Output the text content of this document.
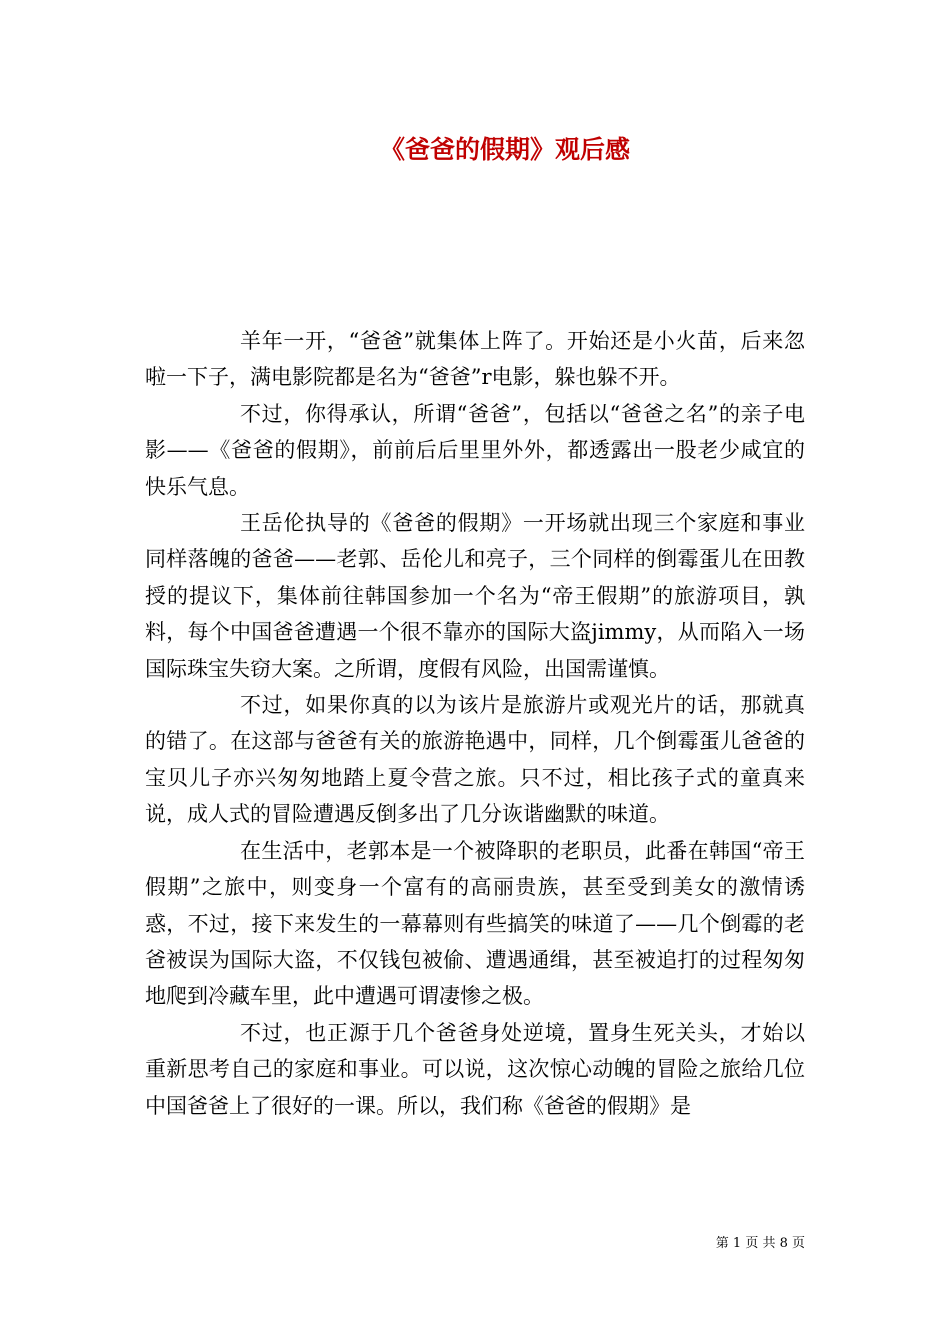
《爸爸的假期》观后感

羊年一开，“爸爸”就集体上阵了。开始还是小火苗，后来忽啦一下子，满电影院都是名为“爸爸”r电影，躲也躲不开。

不过，你得承认，所谓“爸爸”，包括以“爸爸之名”的亲子电影——《爸爸的假期》，前前后后里里外外，都透露出一股老少咸宜的快乐气息。

王岳伦执导的《爸爸的假期》一开场就出现三个家庭和事业同样落魄的爸爸——老郭、岳伦儿和亮子，三个同样的倒霉蛋儿在田教授的提议下，集体前往韩国参加一个名为“帝王假期”的旅游项目，孰料，每个中国爸爸遭遇一个很不靠亦的国际大盗jimmy，从而陷入一场国际珠宝失窃大案。之所谓，度假有风险，出国需谨慎。

不过，如果你真的以为该片是旅游片或观光片的话，那就真的错了。在这部与爸爸有关的旅游艳遇中，同样，几个倒霉蛋儿爸爸的宝贝儿子亦兴匆匆地踏上夏令营之旅。只不过，相比孩子式的童真来说，成人式的冒险遭遇反倒多出了几分诙谐幽默的味道。

在生活中，老郭本是一个被降职的老职员，此番在韩国“帝王假期”之旅中，则变身一个富有的高丽贵族，甚至受到美女的激情诱惑，不过，接下来发生的一幕幕则有些搞笑的味道了——几个倒霉的老爸被误为国际大盗，不仅钱包被偷、遭遇通缉，甚至被追打的过程匆匆地爬到冷藏车里，此中遭遇可谓凄惨之极。

不过，也正源于几个爸爸身处逆境，置身生死关头，才始以重新思考自己的家庭和事业。可以说，这次惊心动魄的冒险之旅给几位中国爸爸上了很好的一课。所以，我们称《爸爸的假期》是

第 1 页 共 8 页
